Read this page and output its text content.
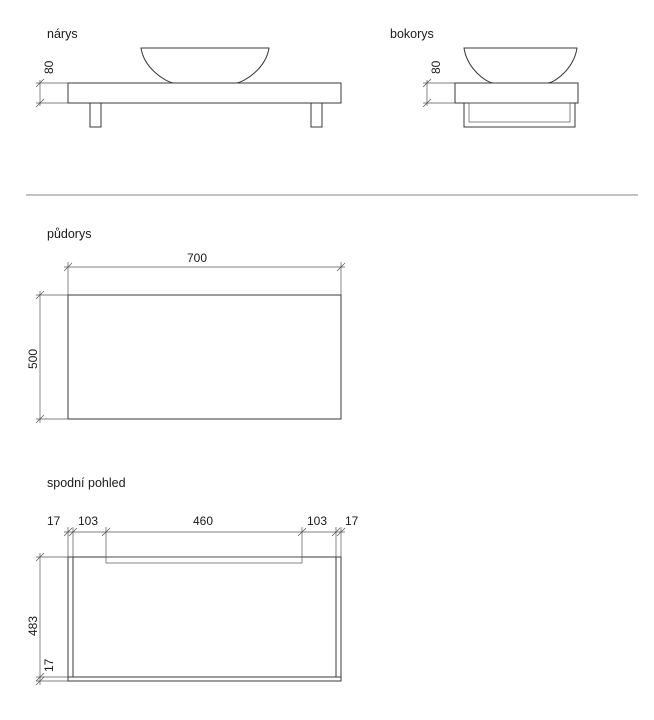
nárys
80
bokorys
80
půdorys
700
500
spodní pohled
17 103	460	103 17
483
17
